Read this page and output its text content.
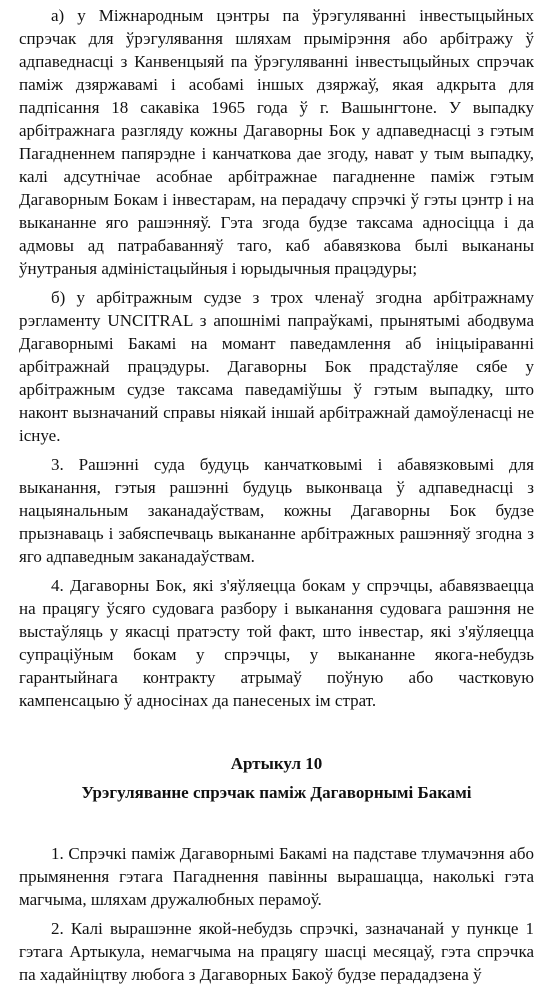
а) у Міжнародным цэнтры па ўрэгуляванні інвестыцыйных спрэчак для ўрэгулявання шляхам прымірэння або арбітражу ў адпаведнасці з Канвенцыяй па ўрэгуляванні інвестыцыйных спрэчак паміж дзяржавамі і асобамі іншых дзяржаў, якая адкрыта для падпісання 18 сакавіка 1965 года ў г. Вашынгтоне. У выпадку арбітражнага разгляду кожны Дагаворны Бок у адпаведнасці з гэтым Пагадненнем папярэдне і канчаткова дае згоду, нават у тым выпадку, калі адсутнічае асобнае арбітражнае пагадненне паміж гэтым Дагаворным Бокам і інвестарам, на перадачу спрэчкі ў гэты цэнтр і на выкананне яго рашэнняў. Гэта згода будзе таксама адносіцца і да адмовы ад патрабаванняў таго, каб абавязкова былі выкананы ўнутраныя адміністацыйныя і юрыдычныя працэдуры;

б) у арбітражным судзе з трох членаў згодна арбітражнаму рэгламенту UNCITRAL з апошнімі папраўкамі, прынятымі абодвума Дагаворнымі Бакамі на момант паведамлення аб ініцыіраванні арбітражнай працэдуры. Дагаворны Бок прадстаўляе сябе у арбітражным судзе таксама паведаміўшы ў гэтым выпадку, што наконт вызначаний справы ніякай іншай арбітражнай дамоўленасці не існуе.

3. Рашэнні суда будуць канчатковымі і абавязковымі для выканання, гэтыя рашэнні будуць выконваца ў адпаведнасці з нацыянальным заканадаўствам, кожны Дагаворны Бок будзе прызнаваць і забяспечваць выкананне арбітражных рашэнняў згодна з яго адпаведным заканадаўствам.

4. Дагаворны Бок, які з'яўляецца бокам у спрэчцы, абавязваецца на працягу ўсяго судовага разбору і выканання судовага рашэння не выстаўляць у якасці пратэсту той факт, што інвестар, які з'яўляецца супраціўным бокам у спрэчцы, у выкананне якога-небудзь гарантыйнага контракту атрымаў поўную або частковую кампенсацыю ў адносінах да панесеных ім страт.

Артыкул 10
Урэгуляванне спрэчак паміж Дагаворнымі Бакамі

1. Спрэчкі паміж Дагаворнымі Бакамі на падставе тлумачэння або прымянення гэтага Пагаднення павінны вырашацца, наколькі гэта магчыма, шляхам дружалюбных перамоў.

2. Калі вырашэнне якой-небудзь спрэчкі, зазначанай у пункце 1 гэтага Артыкула, немагчыма на працягу шасці месяцаў, гэта спрэчка па хадайніцтву любога з Дагаворных Бакоў будзе перададзена ў
